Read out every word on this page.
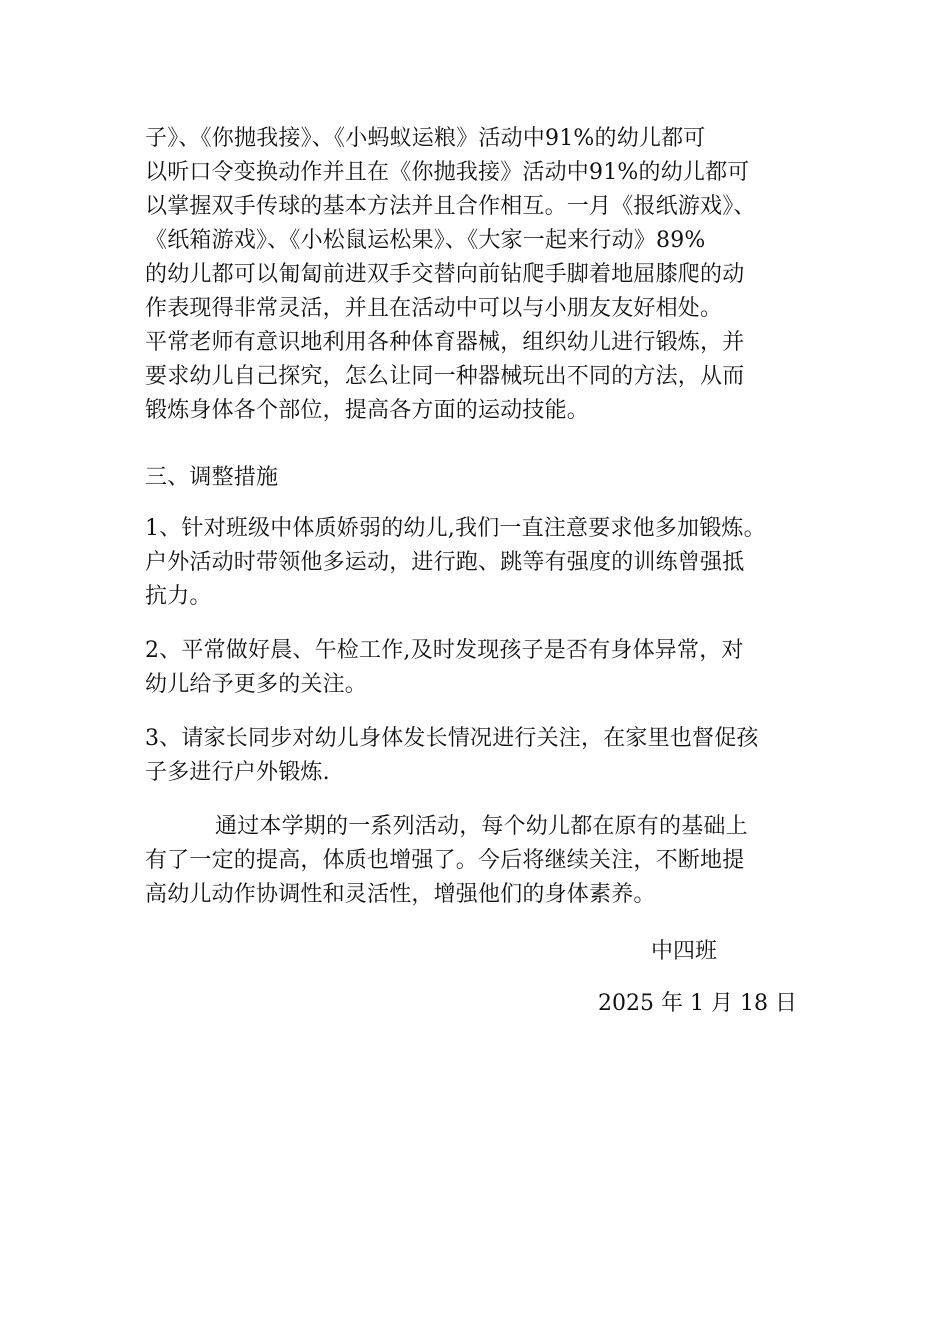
子》、《你抛我接》、《小蚂蚁运粮》活动中91%的幼儿都可
以听口令变换动作并且在《你抛我接》活动中91%的幼儿都可
以掌握双手传球的基本方法并且合作相互。一月《报纸游戏》、
《纸箱游戏》、《小松鼠运松果》、《大家一起来行动》89%
的幼儿都可以匍匐前进双手交替向前钻爬手脚着地屈膝爬的动
作表现得非常灵活，并且在活动中可以与小朋友友好相处。
平常老师有意识地利用各种体育器械，组织幼儿进行锻炼，并
要求幼儿自己探究，怎么让同一种器械玩出不同的方法，从而
锻炼身体各个部位，提高各方面的运动技能。
三、调整措施
1、针对班级中体质娇弱的幼儿,我们一直注意要求他多加锻炼。
户外活动时带领他多运动，进行跑、跳等有强度的训练曾强抵
抗力。
2、平常做好晨、午检工作,及时发现孩子是否有身体异常，对
幼儿给予更多的关注。
3、请家长同步对幼儿身体发长情况进行关注，在家里也督促孩
子多进行户外锻炼.
通过本学期的一系列活动，每个幼儿都在原有的基础上
有了一定的提高，体质也增强了。今后将继续关注，不断地提
高幼儿动作协调性和灵活性，增强他们的身体素养。
中四班
2025 年 1 月 18 日
